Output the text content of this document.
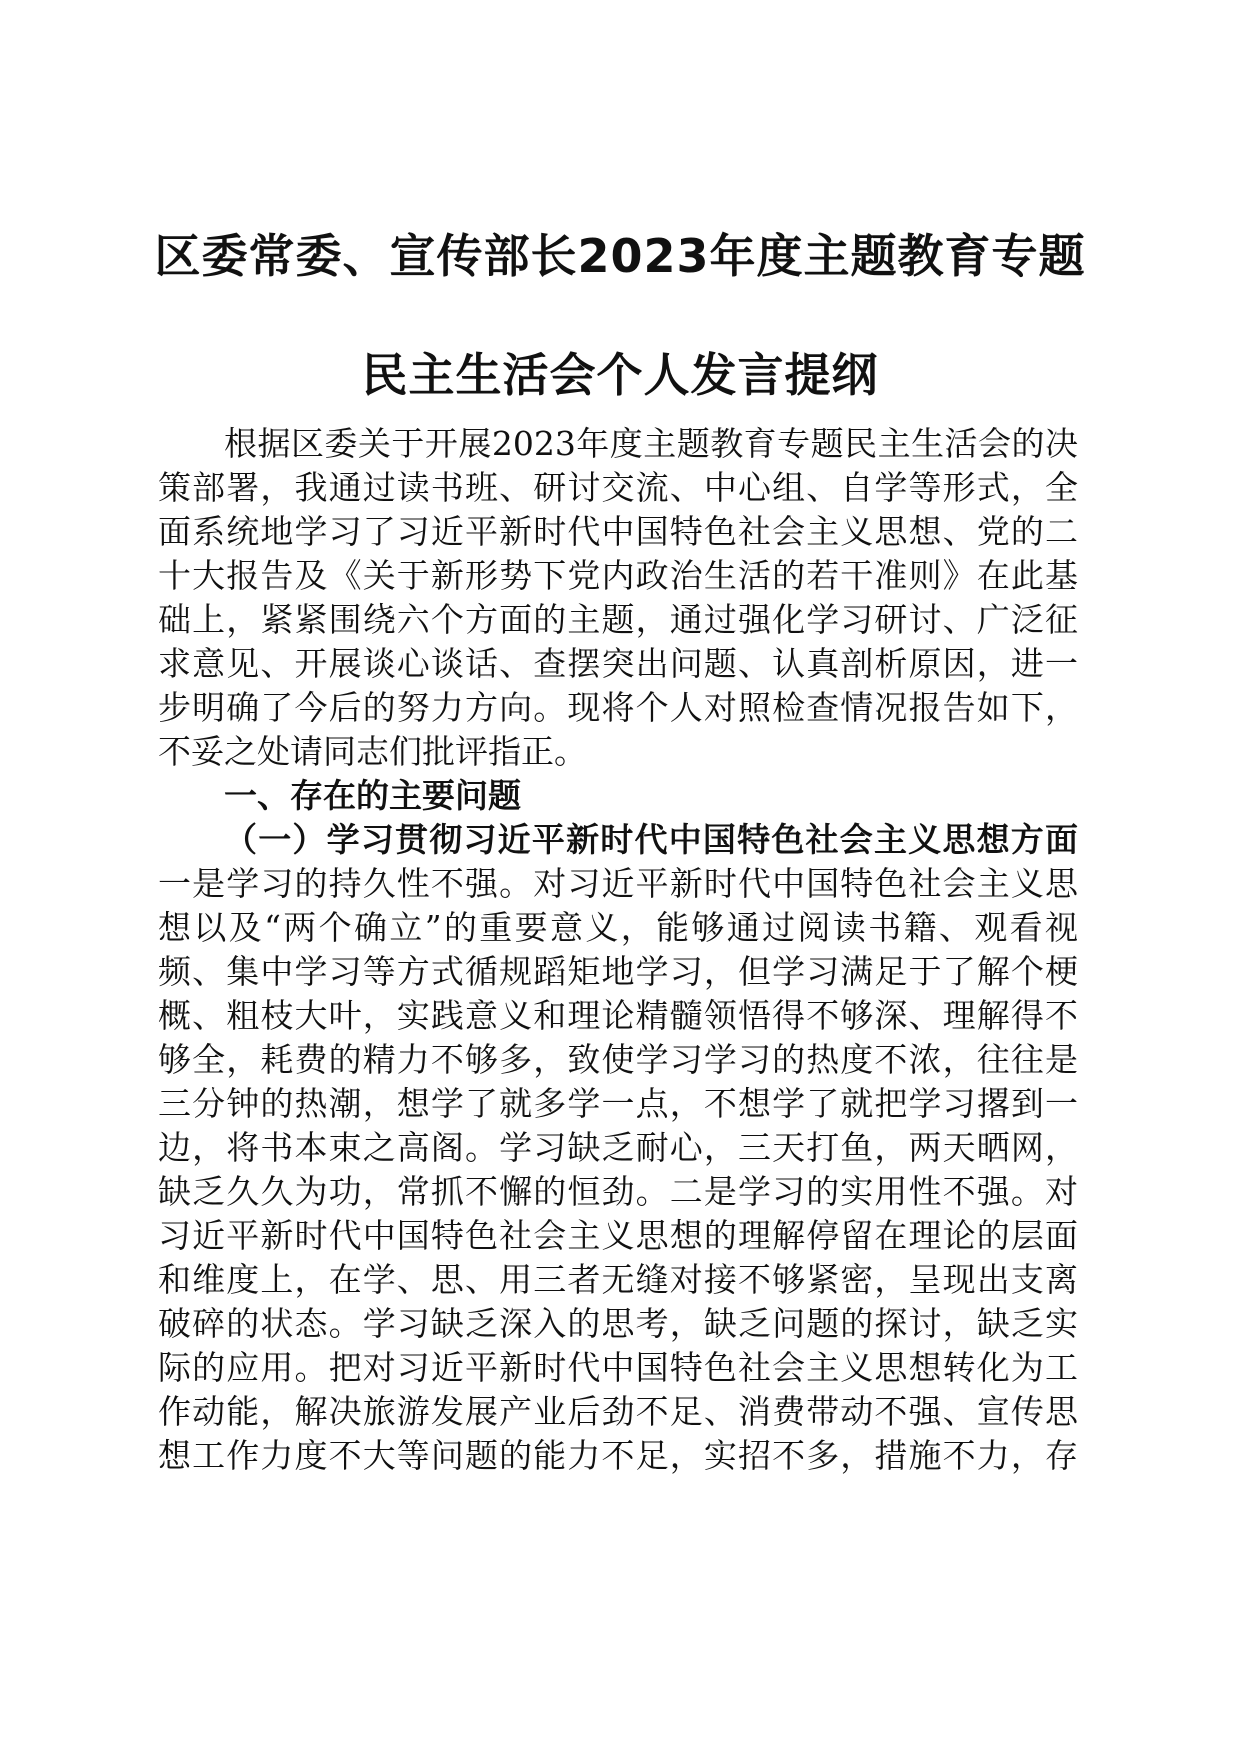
区委常委、宣传部长2023年度主题教育专题
民主生活会个人发言提纲
根据区委关于开展2023年度主题教育专题民主生活会的决
策部署，我通过读书班、研讨交流、中心组、自学等形式，全
面系统地学习了习近平新时代中国特色社会主义思想、党的二
十大报告及《关于新形势下党内政治生活的若干准则》在此基
础上，紧紧围绕六个方面的主题，通过强化学习研讨、广泛征
求意见、开展谈心谈话、查摆突出问题、认真剖析原因，进一
步明确了今后的努力方向。现将个人对照检查情况报告如下，
不妥之处请同志们批评指正。
一、存在的主要问题
（一）学习贯彻习近平新时代中国特色社会主义思想方面
一是学习的持久性不强。对习近平新时代中国特色社会主义思
想以及“两个确立”的重要意义，能够通过阅读书籍、观看视
频、集中学习等方式循规蹈矩地学习，但学习满足于了解个梗
概、粗枝大叶，实践意义和理论精髓领悟得不够深、理解得不
够全，耗费的精力不够多，致使学习学习的热度不浓，往往是
三分钟的热潮，想学了就多学一点，不想学了就把学习撂到一
边，将书本束之高阁。学习缺乏耐心，三天打鱼，两天晒网，
缺乏久久为功，常抓不懈的恒劲。二是学习的实用性不强。对
习近平新时代中国特色社会主义思想的理解停留在理论的层面
和维度上，在学、思、用三者无缝对接不够紧密，呈现出支离
破碎的状态。学习缺乏深入的思考，缺乏问题的探讨，缺乏实
际的应用。把对习近平新时代中国特色社会主义思想转化为工
作动能，解决旅游发展产业后劲不足、消费带动不强、宣传思
想工作力度不大等问题的能力不足，实招不多，措施不力，存
